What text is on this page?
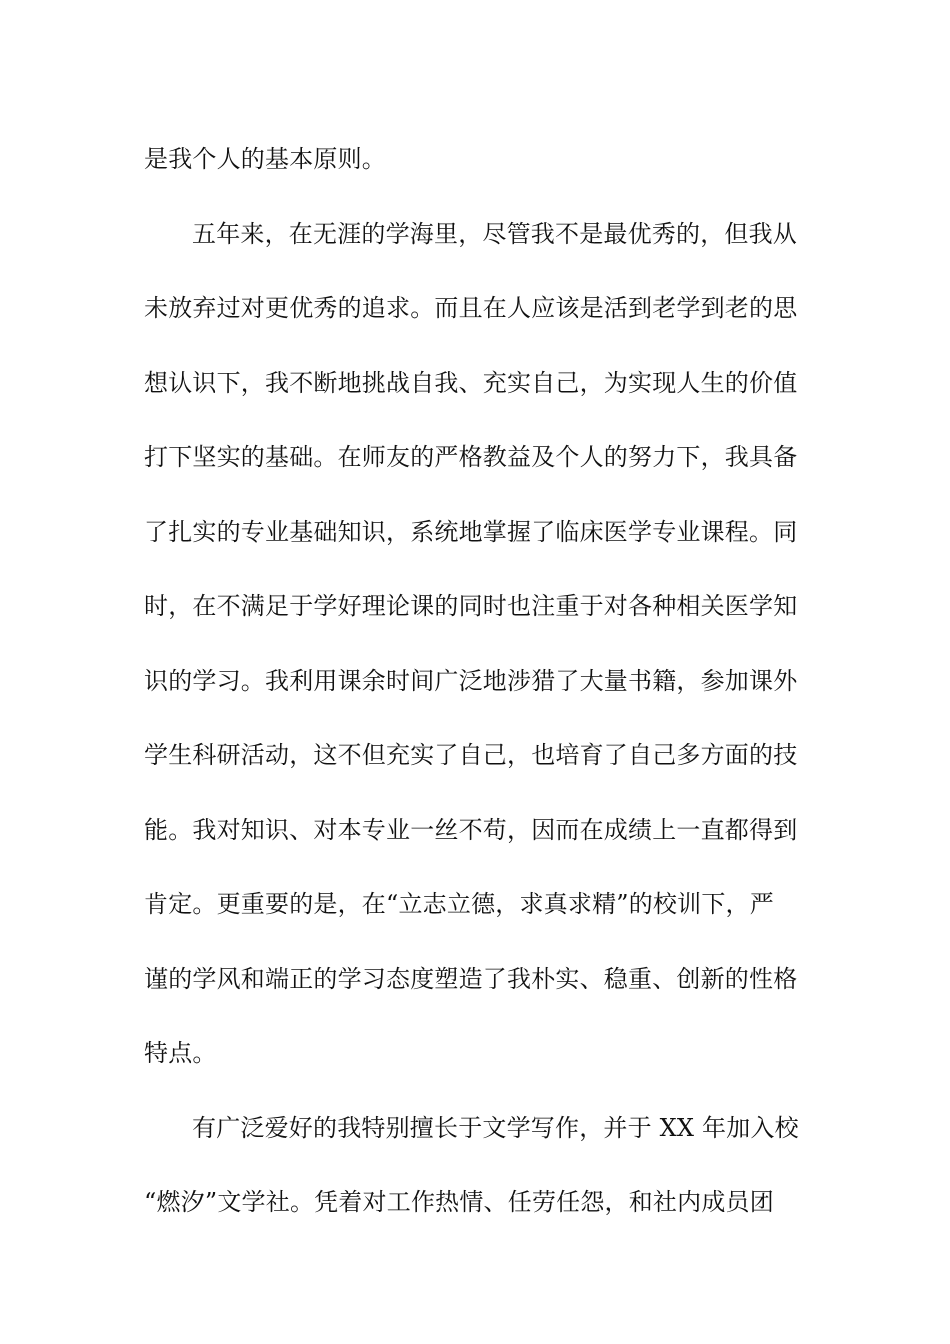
是我个人的基本原则。
五年来，在无涯的学海里，尽管我不是最优秀的，但我从
未放弃过对更优秀的追求。而且在人应该是活到老学到老的思
想认识下，我不断地挑战自我、充实自己，为实现人生的价值
打下坚实的基础。在师友的严格教益及个人的努力下，我具备
了扎实的专业基础知识，系统地掌握了临床医学专业课程。同
时，在不满足于学好理论课的同时也注重于对各种相关医学知
识的学习。我利用课余时间广泛地涉猎了大量书籍，参加课外
学生科研活动，这不但充实了自己，也培育了自己多方面的技
能。我对知识、对本专业一丝不苟，因而在成绩上一直都得到
肯定。更重要的是，在“立志立德，求真求精”的校训下，严
谨的学风和端正的学习态度塑造了我朴实、稳重、创新的性格
特点。
有广泛爱好的我特别擅长于文学写作，并于 XX 年加入校
“燃汐”文学社。凭着对工作热情、任劳任怨，和社内成员团
